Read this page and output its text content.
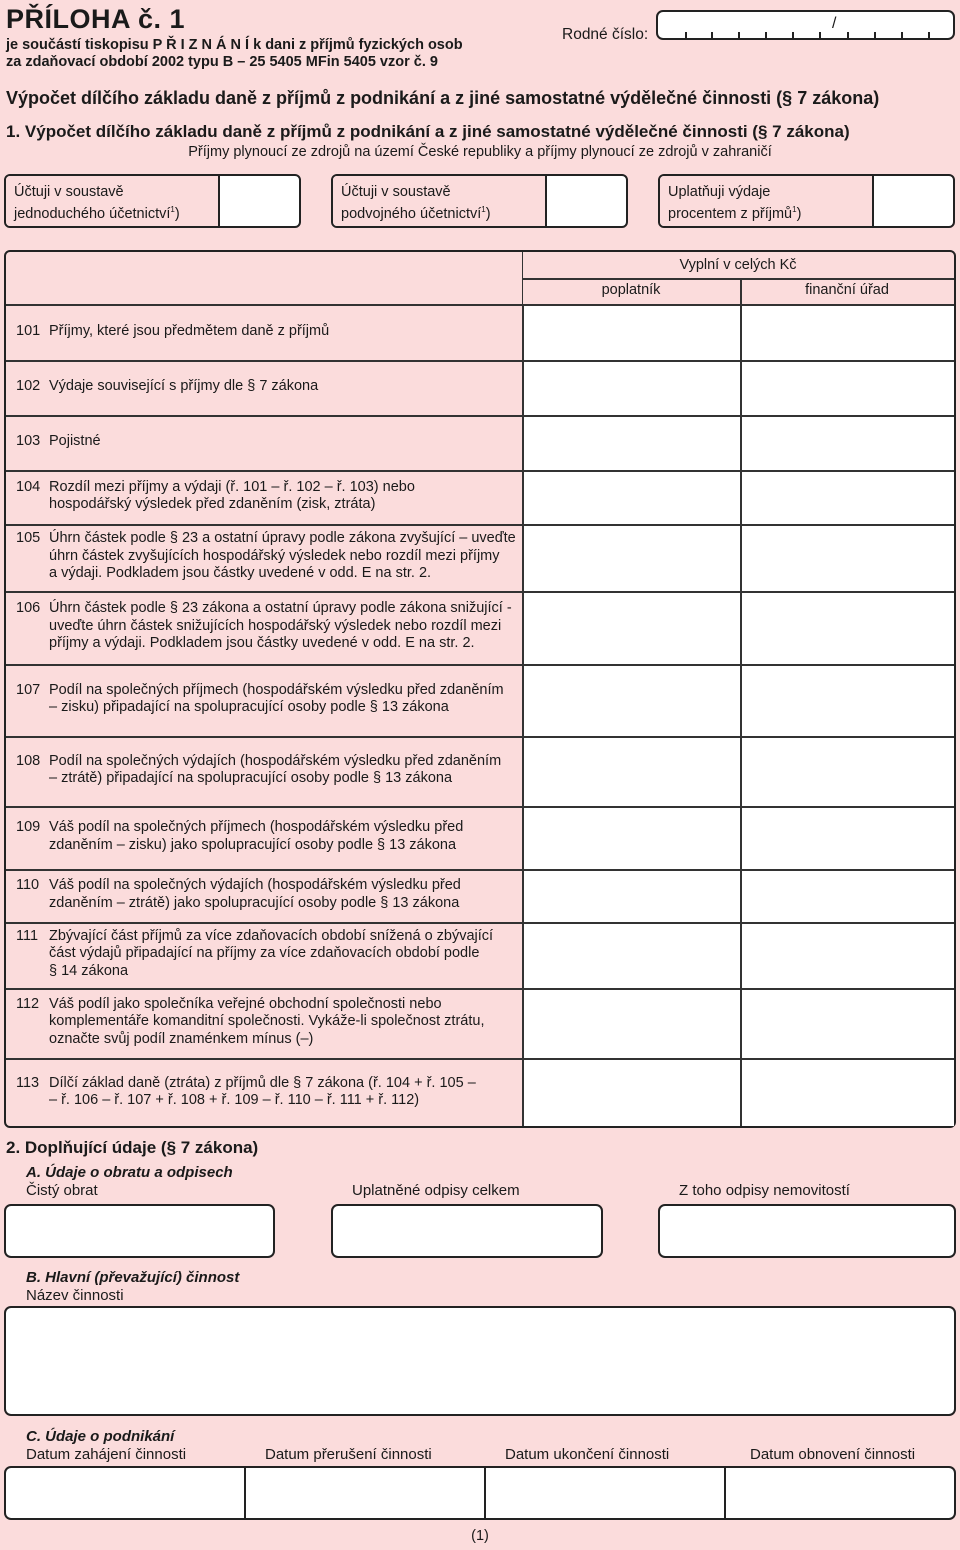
PŘÍLOHA č. 1
je součástí tiskopisu P Ř I Z N Á N Í k dani z příjmů fyzických osob
za zdaňovací období 2002 typu B – 25 5405 MFin 5405 vzor č. 9
Rodné číslo:
/
Výpočet dílčího základu daně z příjmů z podnikání a z jiné samostatné výdělečné činnosti (§ 7 zákona)
1. Výpočet dílčího základu daně z příjmů z podnikání a z jiné samostatné výdělečné činnosti (§ 7 zákona)
Příjmy plynoucí ze zdrojů na území České republiky a příjmy plynoucí ze zdrojů v zahraničí
Účtuji v soustavě
jednoduchého účetnictví$^1$)
Účtuji v soustavě
podvojného účetnictví$^1$)
Uplatňuji výdaje
procentem z příjmů$^1$)
Vyplní v celých Kč
poplatník	finanční úřad
101 Příjmy, které jsou předmětem daně z příjmů
102 Výdaje související s příjmy dle § 7 zákona
103 Pojistné
104 Rozdíl mezi příjmy a výdaji (ř. 101 – ř. 102 – ř. 103) nebo
hospodářský výsledek před zdaněním (zisk, ztráta)
105 Úhrn částek podle § 23 a ostatní úpravy podle zákona zvyšující – uveďte
úhrn částek zvyšujících hospodářský výsledek nebo rozdíl mezi příjmy
a výdaji. Podkladem jsou částky uvedené v odd. E na str. 2.
106 Úhrn částek podle § 23 zákona a ostatní úpravy podle zákona snižující -
uveďte úhrn částek snižujících hospodářský výsledek nebo rozdíl mezi
příjmy a výdaji. Podkladem jsou částky uvedené v odd. E na str. 2.
107 Podíl na společných příjmech (hospodářském výsledku před zdaněním
– zisku) připadající na spolupracující osoby podle § 13 zákona
108 Podíl na společných výdajích (hospodářském výsledku před zdaněním
– ztrátě) připadající na spolupracující osoby podle § 13 zákona
109 Váš podíl na společných příjmech (hospodářském výsledku před
zdaněním – zisku) jako spolupracující osoby podle § 13 zákona
110 Váš podíl na společných výdajích (hospodářském výsledku před
zdaněním – ztrátě) jako spolupracující osoby podle § 13 zákona
111 Zbývající část příjmů za více zdaňovacích období snížená o zbývající
část výdajů připadající na příjmy za více zdaňovacích období podle
§ 14 zákona
112 Váš podíl jako společníka veřejné obchodní společnosti nebo
komplementáře komanditní společnosti. Vykáže-li společnost ztrátu,
označte svůj podíl znaménkem mínus (–)
113 Dílčí základ daně (ztráta) z příjmů dle § 7 zákona (ř. 104 + ř. 105 –
– ř. 106 – ř. 107 + ř. 108 + ř. 109 – ř. 110 – ř. 111 + ř. 112)
2. Doplňující údaje (§ 7 zákona)
A. Údaje o obratu a odpisech
Čistý obrat	Uplatněné odpisy celkem	Z toho odpisy nemovitostí
B. Hlavní (převažující) činnost
Název činnosti
C. Údaje o podnikání
Datum zahájení činnosti	Datum přerušení činnosti	Datum ukončení činnosti	Datum obnovení činnosti
(1)
